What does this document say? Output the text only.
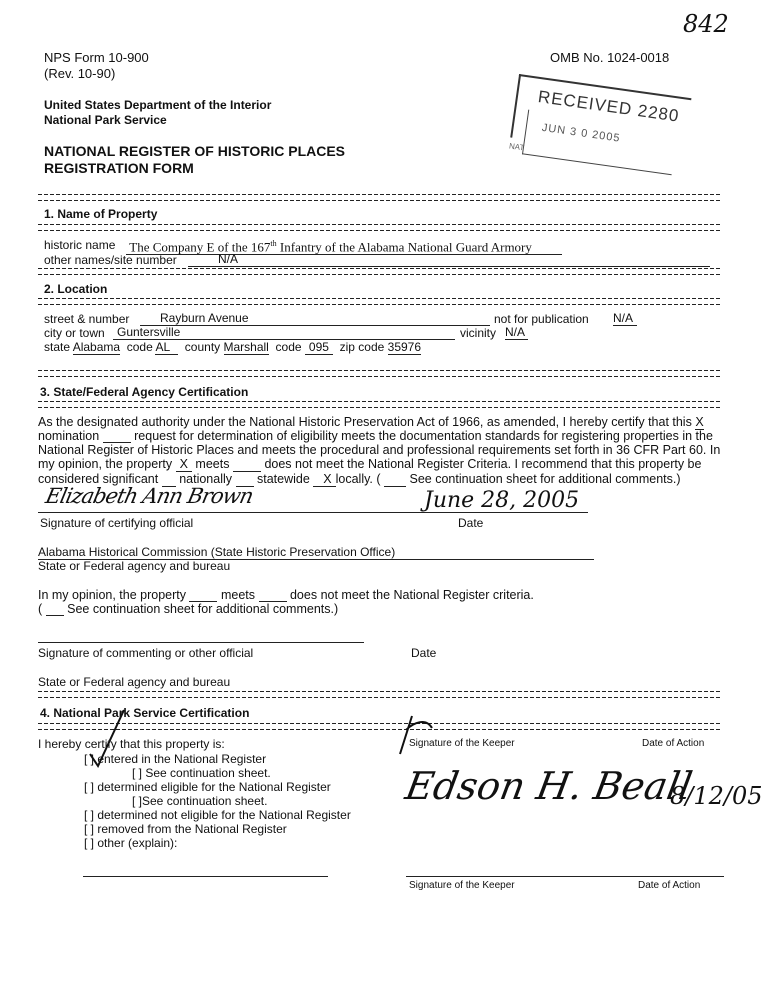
842
NPS Form 10-900
(Rev. 10-90)
OMB No. 1024-0018
United States Department of the Interior
National Park Service
NATIONAL REGISTER OF HISTORIC PLACES
REGISTRATION FORM
RECEIVED 2280
JUN 3 0 2005
NAT
1. Name of Property
historic name The Company E of the 167th Infantry of the Alabama National Guard Armory
other names/site number	N/A
2. Location
street & number	Rayburn Avenue	not for publication N/A
city or town	Guntersville	vicinity N/A
state Alabama code AL county Marshall code 095 zip code 35976
3. State/Federal Agency Certification
As the designated authority under the National Historic Preservation Act of 1966, as amended, I hereby certify that this X
nomination	request for determination of eligibility meets the documentation standards for registering properties in the
National Register of Historic Places and meets the procedural and professional requirements set forth in 36 CFR Part 60. In
my opinion, the property X meets	does not meet the National Register Criteria. I recommend that this property be
considered significant nationally statewide X locally. ( See continuation sheet for additional comments.)
Elizabeth Ann Brown	June 28, 2005
Signature of certifying official	Date
Alabama Historical Commission (State Historic Preservation Office)
State or Federal agency and bureau
In my opinion, the property	meets	does not meet the National Register criteria.
( See continuation sheet for additional comments.)
Signature of commenting or other official	Date
State or Federal agency and bureau
4. National Park Service Certification
I hereby certify that this property is:
[ ] entered in the National Register
[ ] See continuation sheet.
[ ] determined eligible for the National Register
[ ]See continuation sheet.
[ ] determined not eligible for the National Register
[ ] removed from the National Register
[ ] other (explain):
Signature of the Keeper	Date of Action
Edson H. Beall
8/12/05
Signature of the Keeper	Date of Action
